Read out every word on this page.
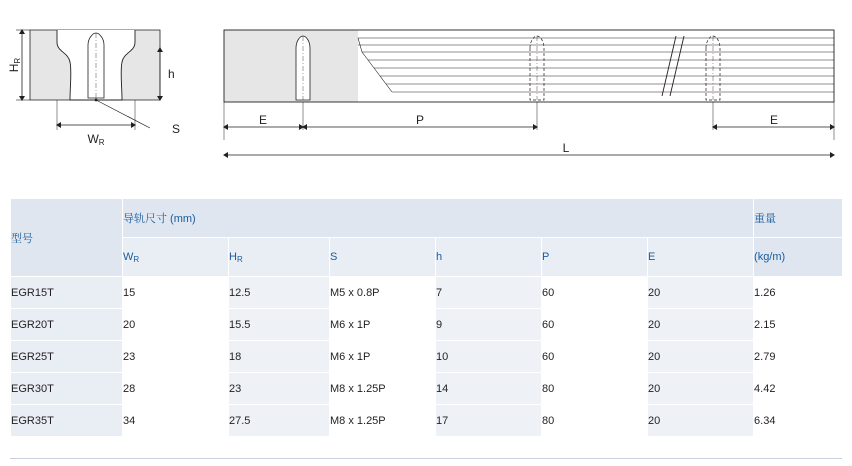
HR
h
S
WR
E	P	E
L
型号	导轨尺寸 (mm)						重量
	$W_R$	$H_R$	S	h	P	E	(kg/m)
EGR15T	15	12.5	M5 x 0.8P	7	60	20	1.26
EGR20T	20	15.5	M6 x 1P	9	60	20	2.15
EGR25T	23	18	M6 x 1P	10	60	20	2.79
EGR30T	28	23	M8 x 1.25P	14	80	20	4.42
EGR35T	34	27.5	M8 x 1.25P	17	80	20	6.34
